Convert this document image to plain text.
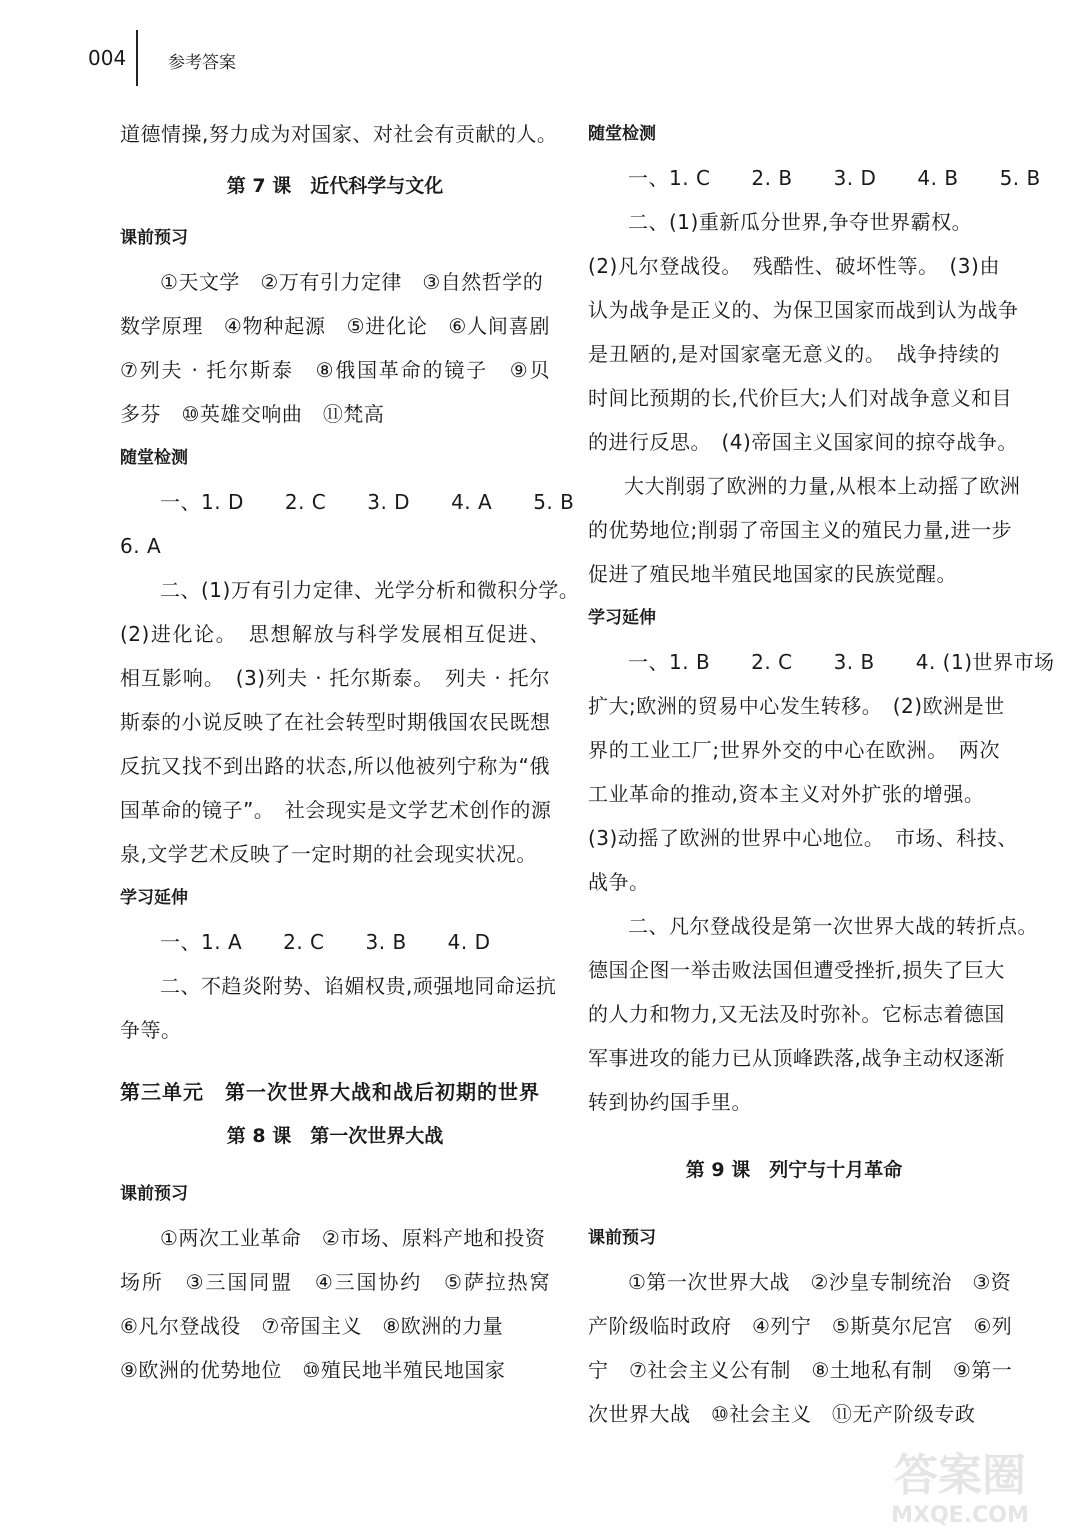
004 参考答案
道德情操,努力成为对国家、对社会有贡献的人。
第 7 课　近代科学与文化
课前预习
①天文学　②万有引力定律　③自然哲学的
数学原理　④物种起源　⑤进化论　⑥人间喜剧
⑦列夫 · 托尔斯泰　⑧俄国革命的镜子　⑨贝
多芬　⑩英雄交响曲　⑪梵高
随堂检测
一、1. D　　2. C　　3. D　　4. A　　5. B
6. A
二、(1)万有引力定律、光学分析和微积分学。
(2)进化论。　思想解放与科学发展相互促进、
相互影响。　(3)列夫 · 托尔斯泰。　列夫 · 托尔
斯泰的小说反映了在社会转型时期俄国农民既想
反抗又找不到出路的状态,所以他被列宁称为“俄
国革命的镜子”。　社会现实是文学艺术创作的源
泉,文学艺术反映了一定时期的社会现实状况。
学习延伸
一、1. A　　2. C　　3. B　　4. D
二、不趋炎附势、谄媚权贵,顽强地同命运抗
争等。
第三单元　第一次世界大战和战后初期的世界
第 8 课　第一次世界大战
课前预习
①两次工业革命　②市场、原料产地和投资
场所　③三国同盟　④三国协约　⑤萨拉热窝
⑥凡尔登战役　⑦帝国主义　⑧欧洲的力量
⑨欧洲的优势地位　⑩殖民地半殖民地国家
随堂检测
一、1. C　　2. B　　3. D　　4. B　　5. B
二、(1)重新瓜分世界,争夺世界霸权。
(2)凡尔登战役。　残酷性、破坏性等。　(3)由
认为战争是正义的、为保卫国家而战到认为战争
是丑陋的,是对国家毫无意义的。　战争持续的
时间比预期的长,代价巨大;人们对战争意义和目
的进行反思。　(4)帝国主义国家间的掠夺战争。
大大削弱了欧洲的力量,从根本上动摇了欧洲
的优势地位;削弱了帝国主义的殖民力量,进一步
促进了殖民地半殖民地国家的民族觉醒。
学习延伸
一、1. B　　2. C　　3. B　　4. (1)世界市场
扩大;欧洲的贸易中心发生转移。　(2)欧洲是世
界的工业工厂;世界外交的中心在欧洲。　两次
工业革命的推动,资本主义对外扩张的增强。
(3)动摇了欧洲的世界中心地位。　市场、科技、
战争。
二、凡尔登战役是第一次世界大战的转折点。
德国企图一举击败法国但遭受挫折,损失了巨大
的人力和物力,又无法及时弥补。它标志着德国
军事进攻的能力已从顶峰跌落,战争主动权逐渐
转到协约国手里。
第 9 课　列宁与十月革命
课前预习
①第一次世界大战　②沙皇专制统治　③资
产阶级临时政府　④列宁　⑤斯莫尔尼宫　⑥列
宁　⑦社会主义公有制　⑧土地私有制　⑨第一
次世界大战　⑩社会主义　⑪无产阶级专政
答案圈
MXQE.COM
